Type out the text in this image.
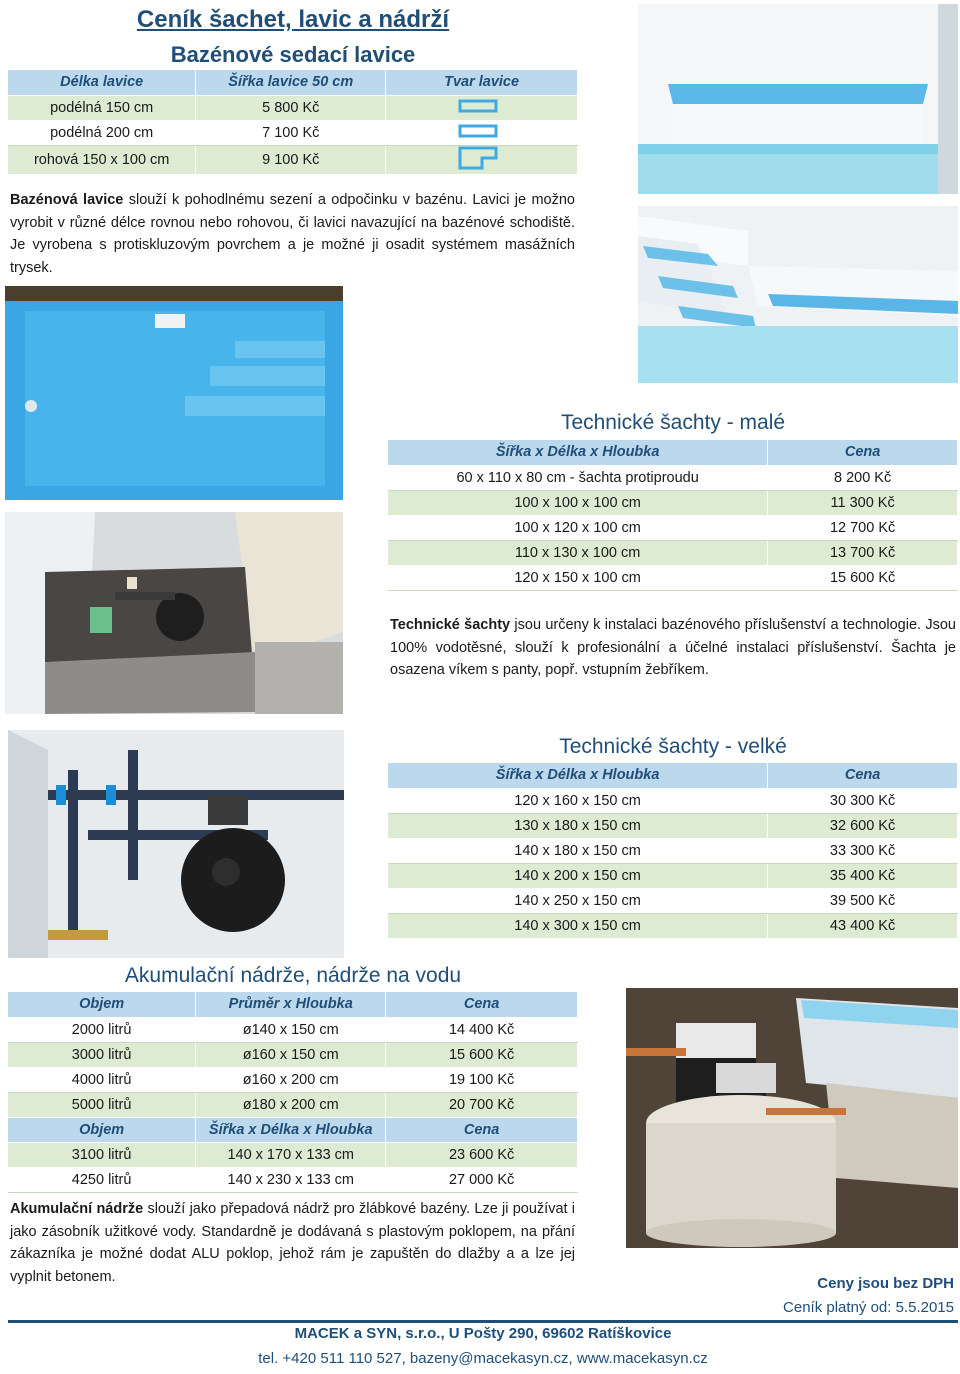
Ceník šachet, lavic a nádrží
Bazénové sedací lavice
Délka lavice	Šířka lavice 50 cm	Tvar lavice
podélná 150 cm	5 800 Kč	
podélná 200 cm	7 100 Kč	
rohová 150 x 100 cm	9 100 Kč	
Bazénová lavice slouží k pohodlnému sezení a odpočinku v bazénu. Lavici je možno vyrobit v různé délce rovnou nebo rohovou, či lavici navazující na bazénové schodiště. Je vyrobena s protiskluzovým povrchem a je možné ji osadit systémem masážních trysek.
Technické šachty - malé
Šířka x Délka x Hloubka	Cena
60 x 110 x 80 cm - šachta protiproudu	8 200 Kč
100 x 100 x 100 cm	11 300 Kč
100 x 120 x 100 cm	12 700 Kč
110 x 130 x 100 cm	13 700 Kč
120 x 150 x 100 cm	15 600 Kč
Technické šachty jsou určeny k instalaci bazénového příslušenství a technologie. Jsou 100% vodotěsné, slouží k profesionální a účelné instalaci příslušenství. Šachta je osazena víkem s panty, popř. vstupním žebříkem.
Technické šachty - velké
Šířka x Délka x Hloubka	Cena
120 x 160 x 150 cm	30 300 Kč
130 x 180 x 150 cm	32 600 Kč
140 x 180 x 150 cm	33 300 Kč
140 x 200 x 150 cm	35 400 Kč
140 x 250 x 150 cm	39 500 Kč
140 x 300 x 150 cm	43 400 Kč
Akumulační nádrže, nádrže na vodu
Objem	Průměr x Hloubka	Cena
2000 litrů	ø140 x 150 cm	14 400 Kč
3000 litrů	ø160 x 150 cm	15 600 Kč
4000 litrů	ø160 x 200 cm	19 100 Kč
5000 litrů	ø180 x 200 cm	20 700 Kč
Objem	Šířka x Délka x Hloubka	Cena
3100 litrů	140 x 170 x 133 cm	23 600 Kč
4250 litrů	140 x 230 x 133 cm	27 000 Kč
Akumulační nádrže slouží jako přepadová nádrž pro žlábkové bazény. Lze ji používat i jako zásobník užitkové vody. Standardně je dodávaná s plastovým poklopem, na přání zákazníka je možné dodat ALU poklop, jehož rám je zapuštěn do dlažby a a lze jej vyplnit betonem.	Ceny jsou bez DPH
Ceník platný od: 5.5.2015
MACEK a SYN, s.r.o., U Pošty 290, 69602 Ratíškovice
tel. +420 511 110 527, bazeny@macekasyn.cz, www.macekasyn.cz
